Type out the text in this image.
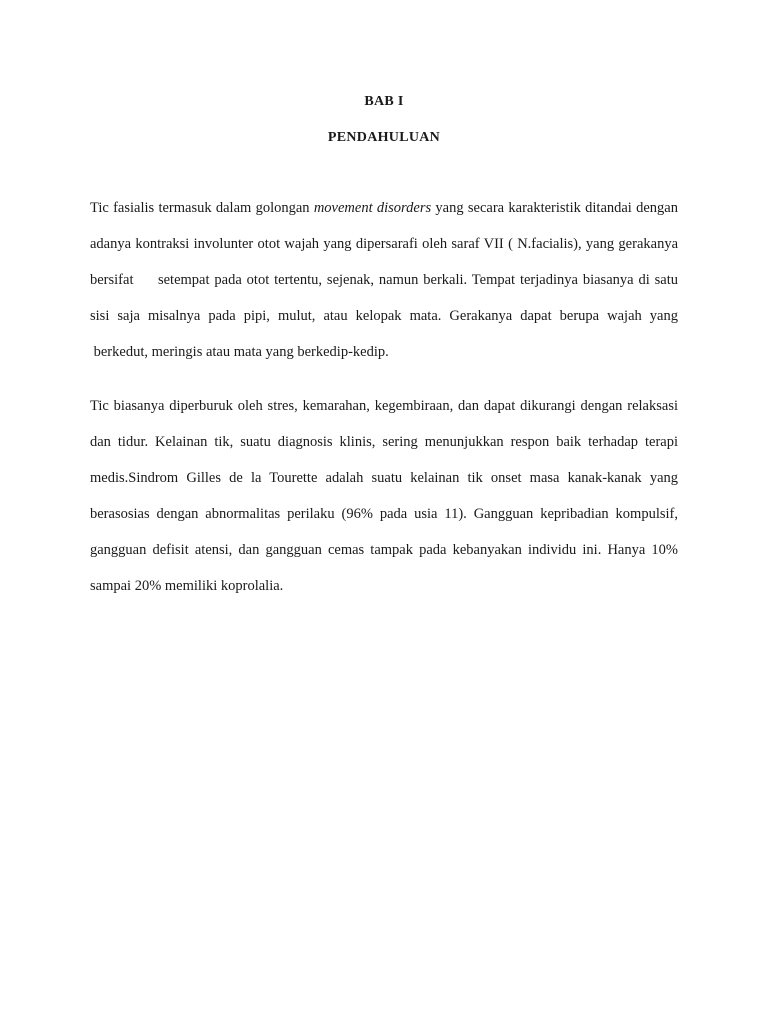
BAB I
PENDAHULUAN

Tic fasialis termasuk dalam golongan movement disorders yang secara karakteristik ditandai dengan adanya kontraksi involunter otot wajah yang dipersarafi oleh saraf VII ( N.facialis), yang gerakanya bersifat     setempat pada otot tertentu, sejenak, namun berkali. Tempat terjadinya biasanya di satu sisi saja misalnya pada pipi, mulut, atau kelopak mata. Gerakanya dapat berupa wajah yang  berkedut, meringis atau mata yang berkedip-kedip.

Tic biasanya diperburuk oleh stres, kemarahan, kegembiraan, dan dapat dikurangi dengan relaksasi dan tidur. Kelainan tik, suatu diagnosis klinis, sering menunjukkan respon baik terhadap terapi medis.Sindrom Gilles de la Tourette adalah suatu kelainan tik onset masa kanak-kanak yang berasosias dengan abnormalitas perilaku (96% pada usia 11). Gangguan kepribadian kompulsif, gangguan defisit atensi, dan gangguan cemas tampak pada kebanyakan individu ini. Hanya 10% sampai 20% memiliki koprolalia.
